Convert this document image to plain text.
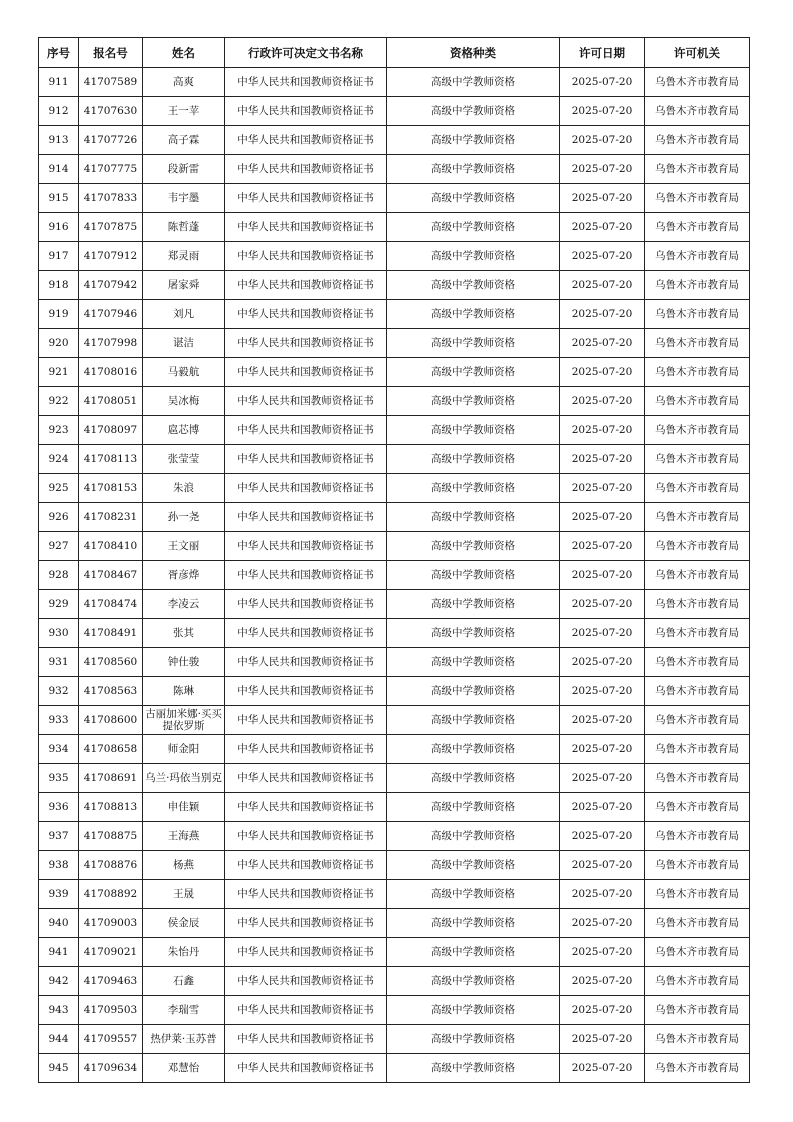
序号	报名号	姓名	行政许可决定文书名称	资格种类	许可日期	许可机关
911	41707589	高爽	中华人民共和国教师资格证书	高级中学教师资格	2025-07-20	乌鲁木齐市教育局
912	41707630	王一苹	中华人民共和国教师资格证书	高级中学教师资格	2025-07-20	乌鲁木齐市教育局
913	41707726	高子霖	中华人民共和国教师资格证书	高级中学教师资格	2025-07-20	乌鲁木齐市教育局
914	41707775	段新雷	中华人民共和国教师资格证书	高级中学教师资格	2025-07-20	乌鲁木齐市教育局
915	41707833	韦宇墨	中华人民共和国教师资格证书	高级中学教师资格	2025-07-20	乌鲁木齐市教育局
916	41707875	陈哲蓬	中华人民共和国教师资格证书	高级中学教师资格	2025-07-20	乌鲁木齐市教育局
917	41707912	郑灵雨	中华人民共和国教师资格证书	高级中学教师资格	2025-07-20	乌鲁木齐市教育局
918	41707942	屠家舜	中华人民共和国教师资格证书	高级中学教师资格	2025-07-20	乌鲁木齐市教育局
919	41707946	刘凡	中华人民共和国教师资格证书	高级中学教师资格	2025-07-20	乌鲁木齐市教育局
920	41707998	谌洁	中华人民共和国教师资格证书	高级中学教师资格	2025-07-20	乌鲁木齐市教育局
921	41708016	马毅航	中华人民共和国教师资格证书	高级中学教师资格	2025-07-20	乌鲁木齐市教育局
922	41708051	吴冰梅	中华人民共和国教师资格证书	高级中学教师资格	2025-07-20	乌鲁木齐市教育局
923	41708097	扈芯博	中华人民共和国教师资格证书	高级中学教师资格	2025-07-20	乌鲁木齐市教育局
924	41708113	张莹莹	中华人民共和国教师资格证书	高级中学教师资格	2025-07-20	乌鲁木齐市教育局
925	41708153	朱浪	中华人民共和国教师资格证书	高级中学教师资格	2025-07-20	乌鲁木齐市教育局
926	41708231	孙一尧	中华人民共和国教师资格证书	高级中学教师资格	2025-07-20	乌鲁木齐市教育局
927	41708410	王文丽	中华人民共和国教师资格证书	高级中学教师资格	2025-07-20	乌鲁木齐市教育局
928	41708467	胥彦烨	中华人民共和国教师资格证书	高级中学教师资格	2025-07-20	乌鲁木齐市教育局
929	41708474	李凌云	中华人民共和国教师资格证书	高级中学教师资格	2025-07-20	乌鲁木齐市教育局
930	41708491	张其	中华人民共和国教师资格证书	高级中学教师资格	2025-07-20	乌鲁木齐市教育局
931	41708560	钟仕骏	中华人民共和国教师资格证书	高级中学教师资格	2025-07-20	乌鲁木齐市教育局
932	41708563	陈琳	中华人民共和国教师资格证书	高级中学教师资格	2025-07-20	乌鲁木齐市教育局
933	41708600	古丽加米娜·买买提依罗斯	中华人民共和国教师资格证书	高级中学教师资格	2025-07-20	乌鲁木齐市教育局
934	41708658	师金阳	中华人民共和国教师资格证书	高级中学教师资格	2025-07-20	乌鲁木齐市教育局
935	41708691	乌兰·玛依当别克	中华人民共和国教师资格证书	高级中学教师资格	2025-07-20	乌鲁木齐市教育局
936	41708813	申佳颖	中华人民共和国教师资格证书	高级中学教师资格	2025-07-20	乌鲁木齐市教育局
937	41708875	王海燕	中华人民共和国教师资格证书	高级中学教师资格	2025-07-20	乌鲁木齐市教育局
938	41708876	杨燕	中华人民共和国教师资格证书	高级中学教师资格	2025-07-20	乌鲁木齐市教育局
939	41708892	王晟	中华人民共和国教师资格证书	高级中学教师资格	2025-07-20	乌鲁木齐市教育局
940	41709003	侯金辰	中华人民共和国教师资格证书	高级中学教师资格	2025-07-20	乌鲁木齐市教育局
941	41709021	朱怡丹	中华人民共和国教师资格证书	高级中学教师资格	2025-07-20	乌鲁木齐市教育局
942	41709463	石鑫	中华人民共和国教师资格证书	高级中学教师资格	2025-07-20	乌鲁木齐市教育局
943	41709503	李瑞雪	中华人民共和国教师资格证书	高级中学教师资格	2025-07-20	乌鲁木齐市教育局
944	41709557	热伊莱·玉苏普	中华人民共和国教师资格证书	高级中学教师资格	2025-07-20	乌鲁木齐市教育局
945	41709634	邓慧怡	中华人民共和国教师资格证书	高级中学教师资格	2025-07-20	乌鲁木齐市教育局
